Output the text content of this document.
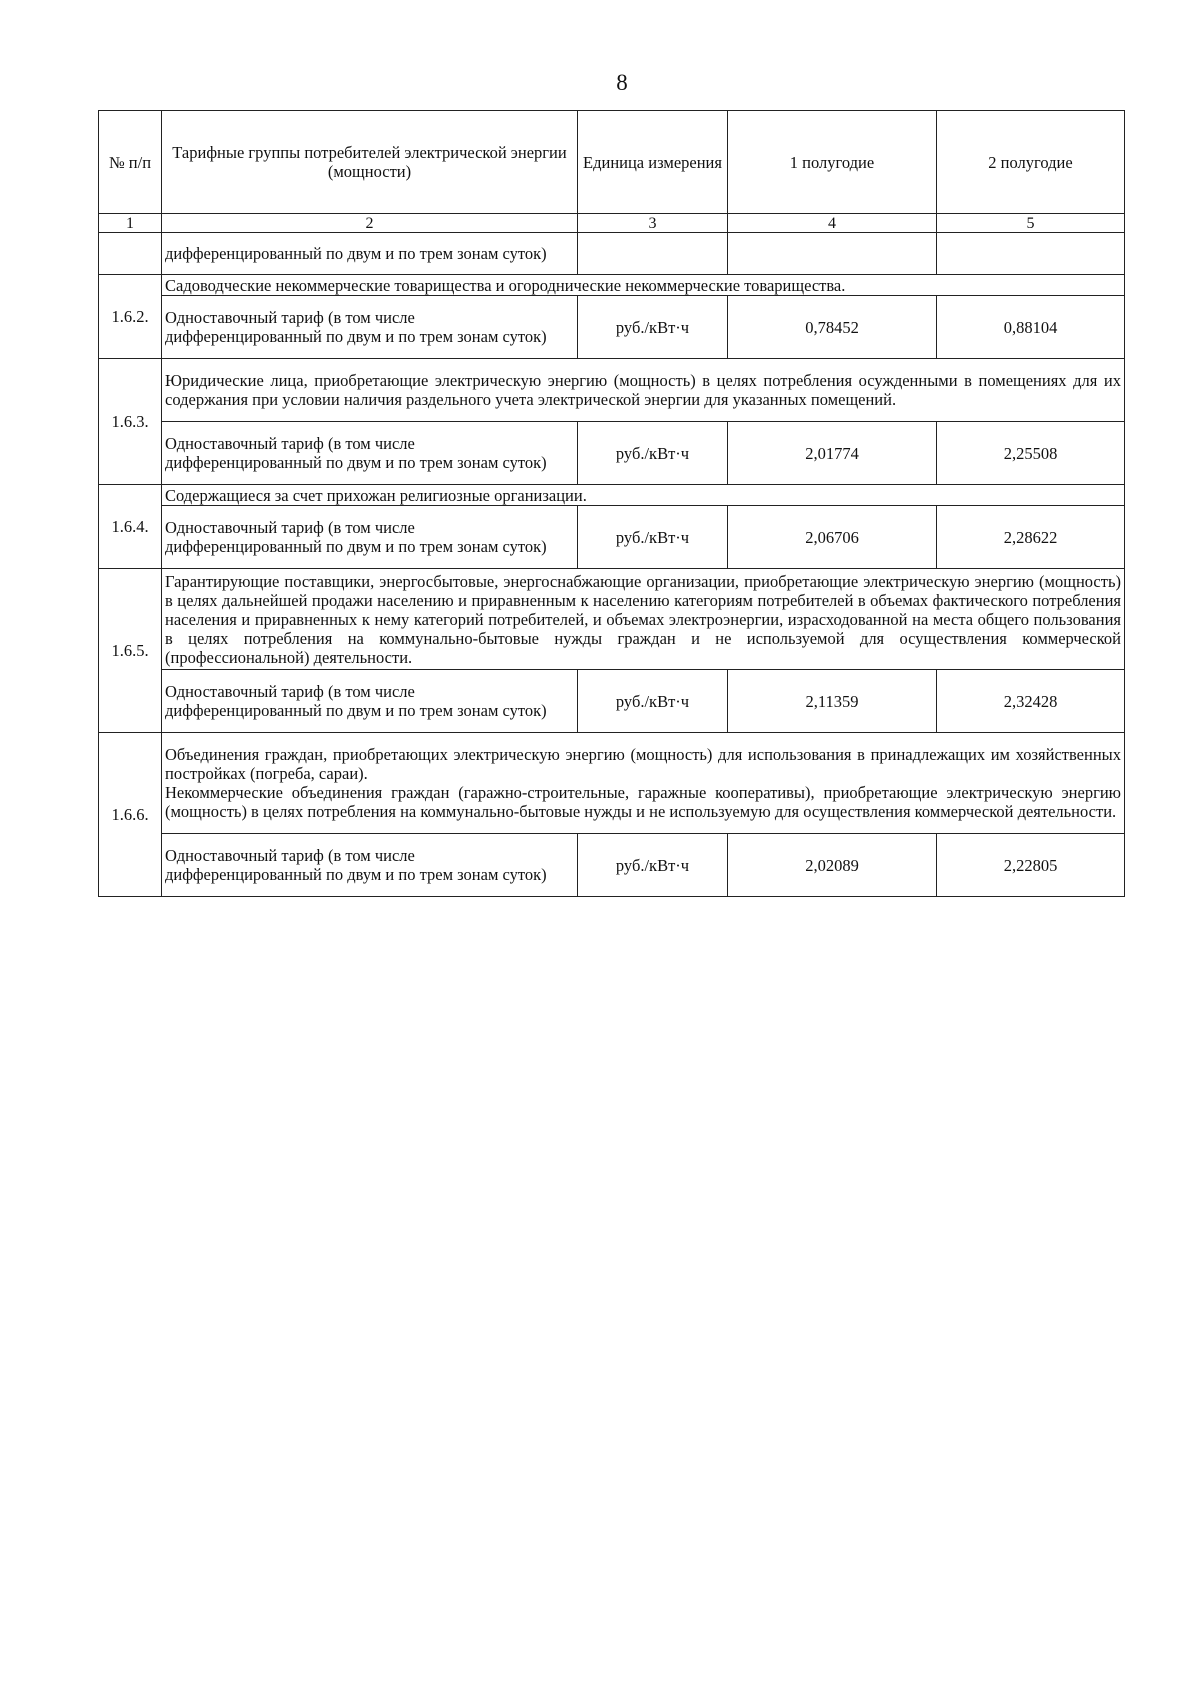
8
№ п/п	Тарифные группы потребителей электрической энергии (мощности)	Единица измерения	1 полугодие	2 полугодие
1	2	3	4	5
	дифференцированный по двум и по трем зонам суток)			
1.6.2.	Садоводческие некоммерческие товарищества и огороднические некоммерческие товарищества.			
	Одноставочный тариф (в том числе дифференцированный по двум и по трем зонам суток)	руб./кВт·ч	0,78452	0,88104
1.6.3.	Юридические лица, приобретающие электрическую энергию (мощность) в целях потребления осужденными в помещениях для их содержания при условии наличия раздельного учета электрической энергии для указанных помещений.			
	Одноставочный тариф (в том числе дифференцированный по двум и по трем зонам суток)	руб./кВт·ч	2,01774	2,25508
1.6.4.	Содержащиеся за счет прихожан религиозные организации.			
	Одноставочный тариф (в том числе дифференцированный по двум и по трем зонам суток)	руб./кВт·ч	2,06706	2,28622
1.6.5.	Гарантирующие поставщики, энергосбытовые, энергоснабжающие организации, приобретающие электрическую энергию (мощность) в целях дальнейшей продажи населению и приравненным к населению категориям потребителей в объемах фактического потребления населения и приравненных к нему категорий потребителей, и объемах электроэнергии, израсходованной на места общего пользования в целях потребления на коммунально-бытовые нужды граждан и не используемой для осуществления коммерческой (профессиональной) деятельности.			
	Одноставочный тариф (в том числе дифференцированный по двум и по трем зонам суток)	руб./кВт·ч	2,11359	2,32428
1.6.6.	Объединения граждан, приобретающих электрическую энергию (мощность) для использования в принадлежащих им хозяйственных постройках (погреба, сараи).
Некоммерческие объединения граждан (гаражно-строительные, гаражные кооперативы), приобретающие электрическую энергию (мощность) в целях потребления на коммунально-бытовые нужды и не используемую для осуществления коммерческой деятельности.			

	Одноставочный тариф (в том числе дифференцированный по двум и по трем зонам суток)	руб./кВт·ч	2,02089	2,22805
